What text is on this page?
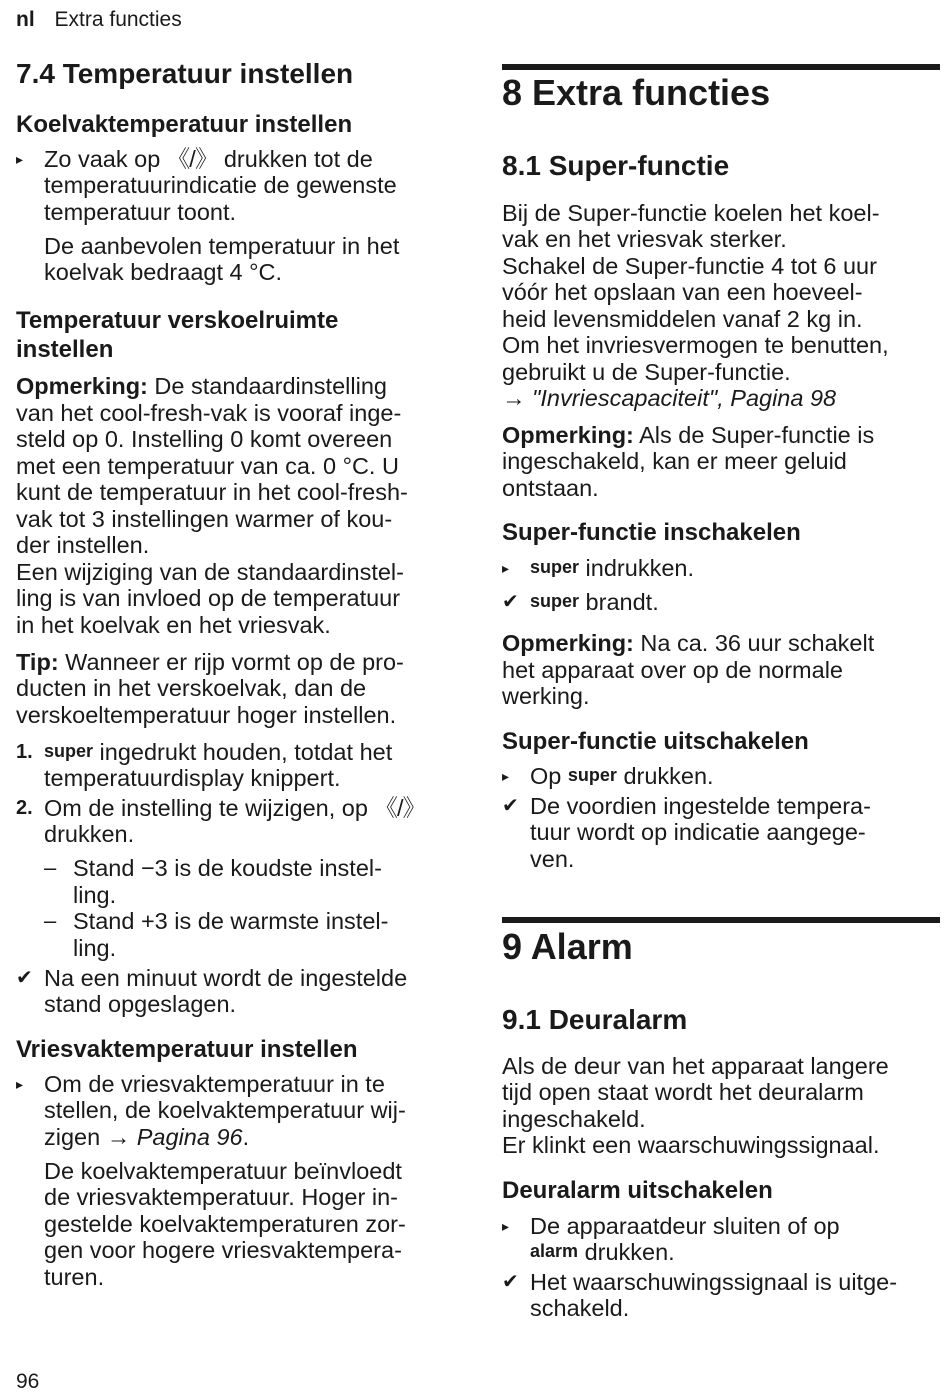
nl Extra functies
7.4 Temperatuur instellen
Koelvaktemperatuur instellen
▸ Zo vaak op 《/》 drukken tot de
temperatuurindicatie de gewenste
temperatuur toont.
De aanbevolen temperatuur in het
koelvak bedraagt 4 °C.
Temperatuur verskoelruimte
instellen
Opmerking: De standaardinstelling
van het cool-fresh-vak is vooraf inge-
steld op 0. Instelling 0 komt overeen
met een temperatuur van ca. 0 °C. U
kunt de temperatuur in het cool-fresh-
vak tot 3 instellingen warmer of kou-
der instellen.
Een wijziging van de standaardinstel-
ling is van invloed op de temperatuur
in het koelvak en het vriesvak.
Tip: Wanneer er rijp vormt op de pro-
ducten in het verskoelvak, dan de
verskoeltemperatuur hoger instellen.
1. super ingedrukt houden, totdat het
temperatuurdisplay knippert.
2. Om de instelling te wijzigen, op 《/》
drukken.
– Stand −3 is de koudste instel-
ling.
– Stand +3 is de warmste instel-
ling.
✔ Na een minuut wordt de ingestelde
stand opgeslagen.
Vriesvaktemperatuur instellen
▸ Om de vriesvaktemperatuur in te
stellen, de koelvaktemperatuur wij-
zigen → Pagina 96.
De koelvaktemperatuur beïnvloedt
de vriesvaktemperatuur. Hoger in-
gestelde koelvaktemperaturen zor-
gen voor hogere vriesvaktempera-
turen.
8 Extra functies
8.1 Super-functie
Bij de Super-functie koelen het koel-
vak en het vriesvak sterker.
Schakel de Super-functie 4 tot 6 uur
vóór het opslaan van een hoeveel-
heid levensmiddelen vanaf 2 kg in.
Om het invriesvermogen te benutten,
gebruikt u de Super-functie.
→ "Invriescapaciteit", Pagina 98
Opmerking: Als de Super-functie is
ingeschakeld, kan er meer geluid
ontstaan.
Super-functie inschakelen
▸	super indrukken.
✔ super brandt.
Opmerking: Na ca. 36 uur schakelt
het apparaat over op de normale
werking.
Super-functie uitschakelen
▸ Op super drukken.
✔ De voordien ingestelde tempera-
tuur wordt op indicatie aangege-
ven.
9 Alarm
9.1 Deuralarm
Als de deur van het apparaat langere
tijd open staat wordt het deuralarm
ingeschakeld.
Er klinkt een waarschuwingssignaal.
Deuralarm uitschakelen
▸ De apparaatdeur sluiten of op
alarm drukken.
✔ Het waarschuwingssignaal is uitge-
schakeld.
96
